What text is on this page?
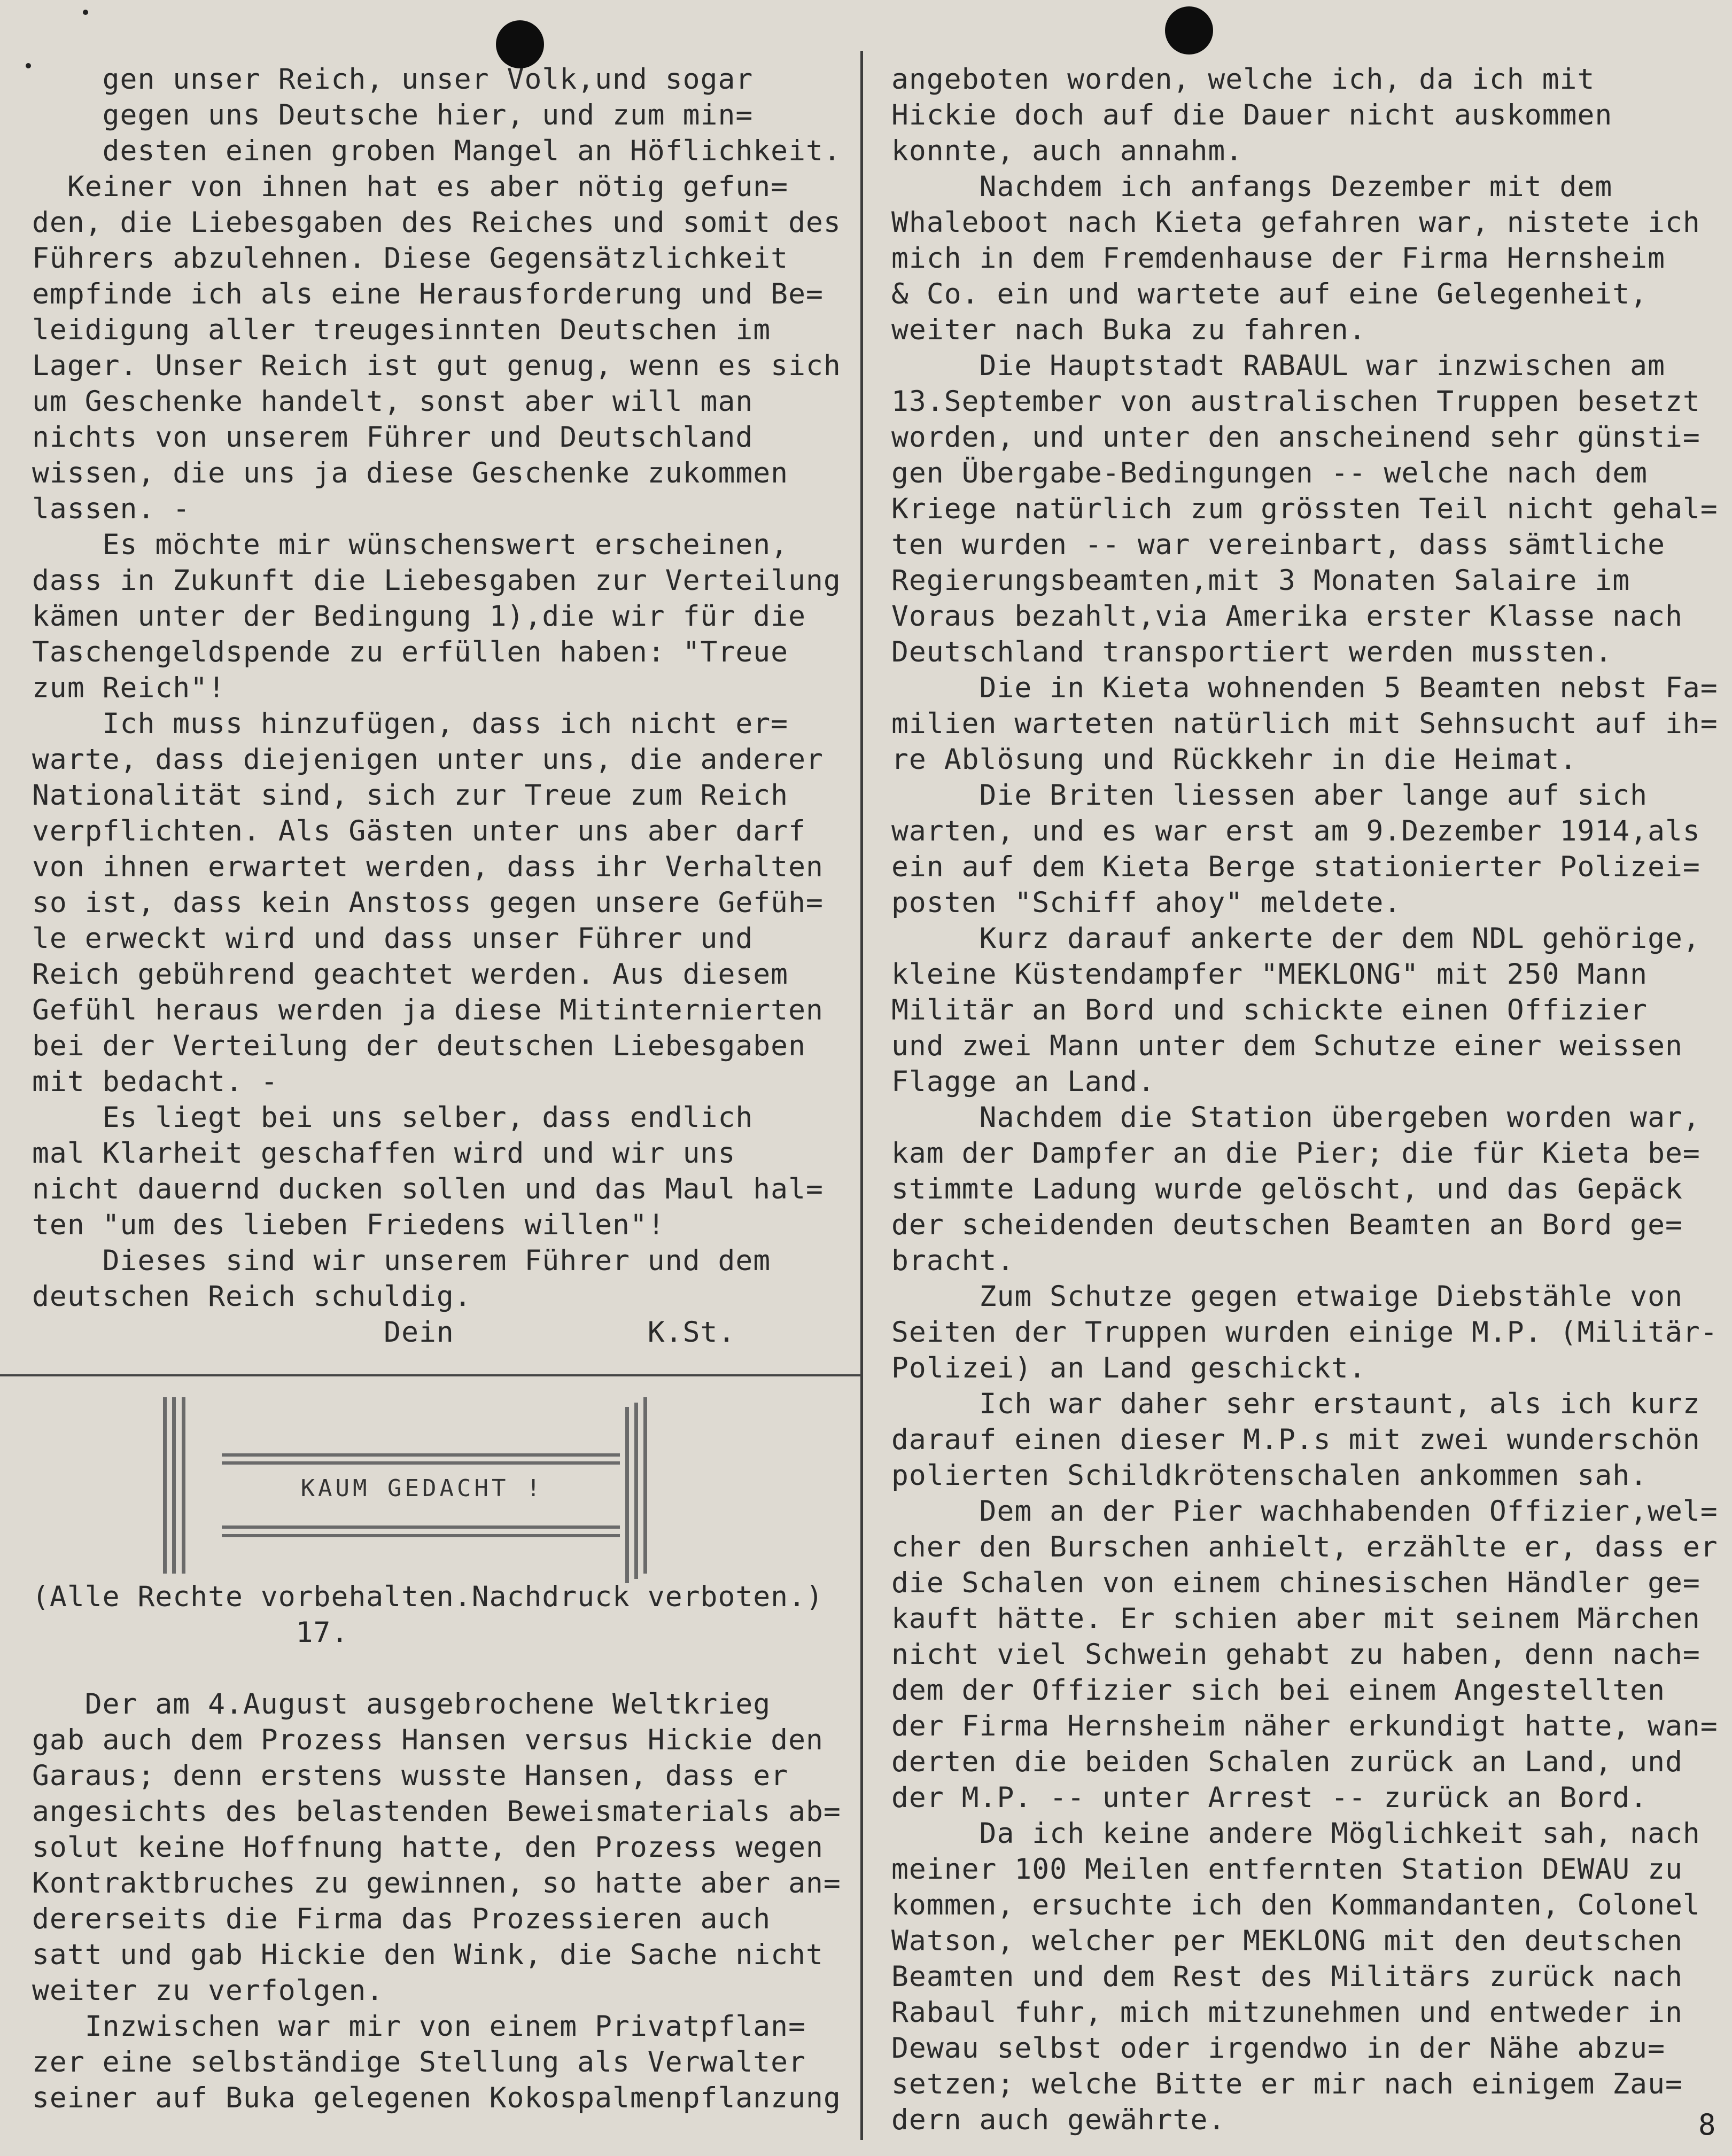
gen unser Reich, unser Volk,und sogar

gegen uns Deutsche hier, und zum min=

desten einen groben Mangel an Höflichkeit.

Keiner von ihnen hat es aber nötig gefun=

den, die Liebesgaben des Reiches und somit des

Führers abzulehnen. Diese Gegensätzlichkeit

empfinde ich als eine Herausforderung und Be=

leidigung aller treugesinnten Deutschen im

Lager. Unser Reich ist gut genug, wenn es sich

um Geschenke handelt, sonst aber will man

nichts von unserem Führer und Deutschland

wissen, die uns ja diese Geschenke zukommen

lassen. -

Es möchte mir wünschenswert erscheinen,

dass in Zukunft die Liebesgaben zur Verteilung

kämen unter der Bedingung 1),die wir für die

Taschengeldspende zu erfüllen haben: "Treue

zum Reich"!

Ich muss hinzufügen, dass ich nicht er=

warte, dass diejenigen unter uns, die anderer

Nationalität sind, sich zur Treue zum Reich

verpflichten. Als Gästen unter uns aber darf

von ihnen erwartet werden, dass ihr Verhalten

so ist, dass kein Anstoss gegen unsere Gefüh=

le erweckt wird und dass unser Führer und

Reich gebührend geachtet werden. Aus diesem

Gefühl heraus werden ja diese Mitinternierten

bei der Verteilung der deutschen Liebesgaben

mit bedacht. -

Es liegt bei uns selber, dass endlich

mal Klarheit geschaffen wird und wir uns

nicht dauernd ducken sollen und das Maul hal=

ten "um des lieben Friedens willen"!

Dieses sind wir unserem Führer und dem

deutschen Reich schuldig.

Dein           K.St.

KAUM GEDACHT !

(Alle Rechte vorbehalten.Nachdruck verboten.)

17.

Der am 4.August ausgebrochene Weltkrieg

gab auch dem Prozess Hansen versus Hickie den

Garaus; denn erstens wusste Hansen, dass er

angesichts des belastenden Beweismaterials ab=

solut keine Hoffnung hatte, den Prozess wegen

Kontraktbruches zu gewinnen, so hatte aber an=

dererseits die Firma das Prozessieren auch

satt und gab Hickie den Wink, die Sache nicht

weiter zu verfolgen.

Inzwischen war mir von einem Privatpflan=

zer eine selbständige Stellung als Verwalter

seiner auf Buka gelegenen Kokospalmenpflanzung

angeboten worden, welche ich, da ich mit

Hickie doch auf die Dauer nicht auskommen

konnte, auch annahm.

Nachdem ich anfangs Dezember mit dem

Whaleboot nach Kieta gefahren war, nistete ich

mich in dem Fremdenhause der Firma Hernsheim

& Co. ein und wartete auf eine Gelegenheit,

weiter nach Buka zu fahren.

Die Hauptstadt RABAUL war inzwischen am

13.September von australischen Truppen besetzt

worden, und unter den anscheinend sehr günsti=

gen Übergabe-Bedingungen -- welche nach dem

Kriege natürlich zum grössten Teil nicht gehal=

ten wurden -- war vereinbart, dass sämtliche

Regierungsbeamten,mit 3 Monaten Salaire im

Voraus bezahlt,via Amerika erster Klasse nach

Deutschland transportiert werden mussten.

Die in Kieta wohnenden 5 Beamten nebst Fa=

milien warteten natürlich mit Sehnsucht auf ih=

re Ablösung und Rückkehr in die Heimat.

Die Briten liessen aber lange auf sich

warten, und es war erst am 9.Dezember 1914,als

ein auf dem Kieta Berge stationierter Polizei=

posten "Schiff ahoy" meldete.

Kurz darauf ankerte der dem NDL gehörige,

kleine Küstendampfer "MEKLONG" mit 250 Mann

Militär an Bord und schickte einen Offizier

und zwei Mann unter dem Schutze einer weissen

Flagge an Land.

Nachdem die Station übergeben worden war,

kam der Dampfer an die Pier; die für Kieta be=

stimmte Ladung wurde gelöscht, und das Gepäck

der scheidenden deutschen Beamten an Bord ge=

bracht.

Zum Schutze gegen etwaige Diebstähle von

Seiten der Truppen wurden einige M.P. (Militär-

Polizei) an Land geschickt.

Ich war daher sehr erstaunt, als ich kurz

darauf einen dieser M.P.s mit zwei wunderschön

polierten Schildkrötenschalen ankommen sah.

Dem an der Pier wachhabenden Offizier,wel=

cher den Burschen anhielt, erzählte er, dass er

die Schalen von einem chinesischen Händler ge=

kauft hätte. Er schien aber mit seinem Märchen

nicht viel Schwein gehabt zu haben, denn nach=

dem der Offizier sich bei einem Angestellten

der Firma Hernsheim näher erkundigt hatte, wan=

derten die beiden Schalen zurück an Land, und

der M.P. -- unter Arrest -- zurück an Bord.

Da ich keine andere Möglichkeit sah, nach

meiner 100 Meilen entfernten Station DEWAU zu

kommen, ersuchte ich den Kommandanten, Colonel

Watson, welcher per MEKLONG mit den deutschen

Beamten und dem Rest des Militärs zurück nach

Rabaul fuhr, mich mitzunehmen und entweder in

Dewau selbst oder irgendwo in der Nähe abzu=

setzen; welche Bitte er mir nach einigem Zau=

dern auch gewährte.	8
